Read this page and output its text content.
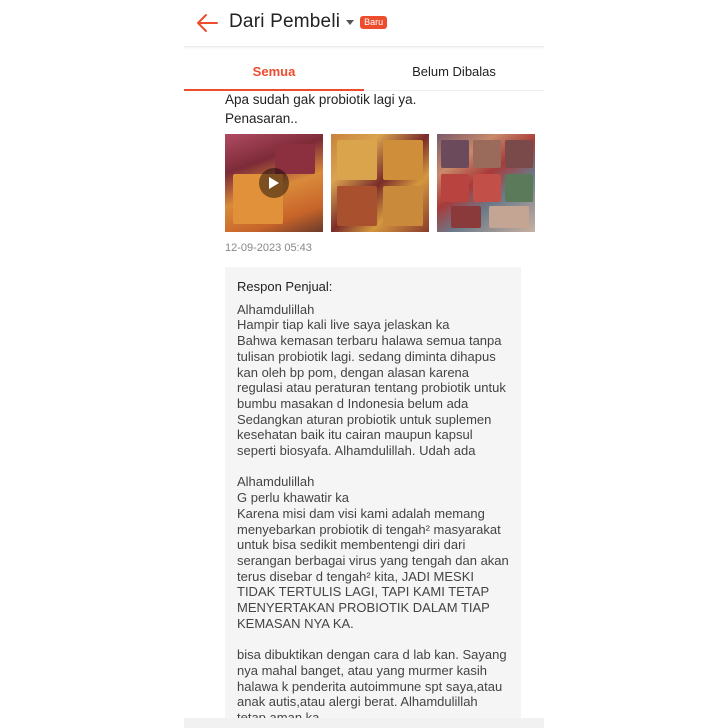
Dari Pembeli	Baru
Semua	Belum Dibalas
Apa sudah gak probiotik lagi ya.
Penasaran..
12-09-2023 05:43
Respon Penjual:
Alhamdulillah
Hampir tiap kali live saya jelaskan ka
Bahwa kemasan terbaru halawa semua tanpa tulisan probiotik lagi. sedang diminta dihapus kan oleh bp pom, dengan alasan karena regulasi atau peraturan tentang probiotik untuk bumbu masakan d Indonesia belum ada
Sedangkan aturan probiotik untuk suplemen kesehatan baik itu cairan maupun kapsul seperti biosyafa. Alhamdulillah. Udah ada
Alhamdulillah
G perlu khawatir ka
Karena misi dam visi kami adalah memang menyebarkan probiotik di tengah² masyarakat untuk bisa sedikit membentengi diri dari serangan berbagai virus yang tengah dan akan terus disebar d tengah² kita, JADI MESKI TIDAK TERTULIS LAGI, TAPI KAMI TETAP MENYERTAKAN PROBIOTIK DALAM TIAP KEMASAN NYA KA.
bisa dibuktikan dengan cara d lab kan. Sayang nya mahal banget, atau yang murmer kasih halawa k penderita autoimmune spt saya,atau anak autis,atau alergi berat. Alhamdulillah
